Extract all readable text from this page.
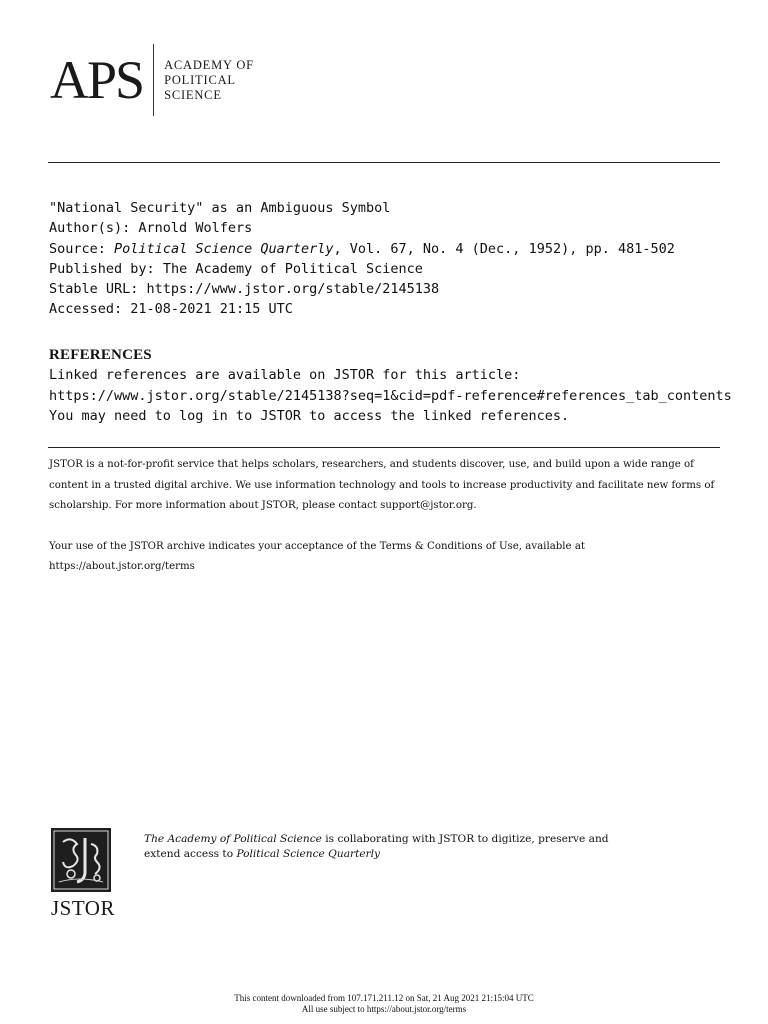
APS ACADEMY OF
POLITICAL
SCIENCE
"National Security" as an Ambiguous Symbol
Author(s): Arnold Wolfers
Source: Political Science Quarterly, Vol. 67, No. 4 (Dec., 1952), pp. 481-502
Published by: The Academy of Political Science
Stable URL: https://www.jstor.org/stable/2145138
Accessed: 21-08-2021 21:15 UTC
REFERENCES
Linked references are available on JSTOR for this article:
https://www.jstor.org/stable/2145138?seq=1&cid=pdf-reference#references_tab_contents
You may need to log in to JSTOR to access the linked references.

JSTOR is a not-for-profit service that helps scholars, researchers, and students discover, use, and build upon a wide range of content in a trusted digital archive. We use information technology and tools to increase productivity and facilitate new forms of scholarship. For more information about JSTOR, please contact support@jstor.org.

Your use of the JSTOR archive indicates your acceptance of the Terms & Conditions of Use, available at https://about.jstor.org/terms

JSTOR
The Academy of Political Science is collaborating with JSTOR to digitize, preserve and
extend access to Political Science Quarterly
This content downloaded from 107.171.211.12 on Sat, 21 Aug 2021 21:15:04 UTC
All use subject to https://about.jstor.org/terms
